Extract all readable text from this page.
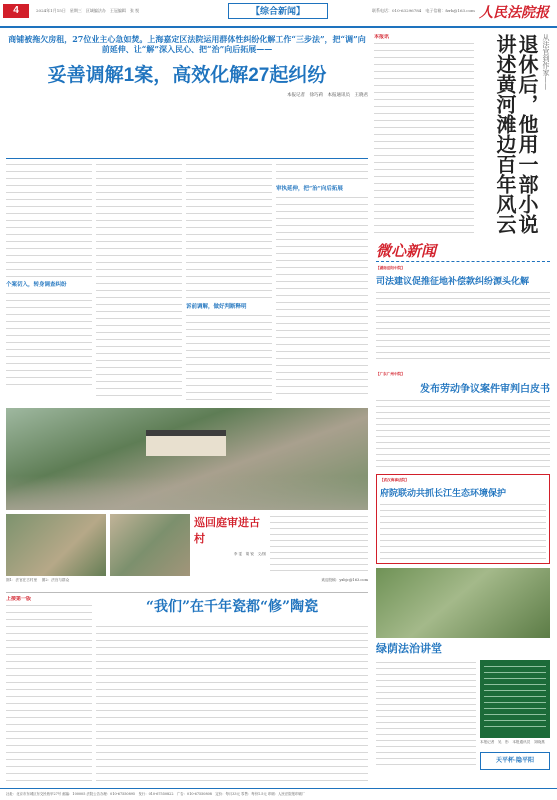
4	2024年1月15日　星期三　区域编法办　王冠编辑　张 悦	【综合新闻】	联系电话：010-63296784　电子信箱：fzrb@163.com 人民法院报
商铺被拖欠房租，27位业主心急如焚。上海嘉定区法院运用群体性纠纷化解工作“三步法”，把“调”向前延伸、让“解”深入民心、把“治”向后拓展——
妥善调解1案，高效化解27起纠纷
本报记者　徐巧莉　本报通讯员　王晓君
个案切入，转身调查纠纷
诉前调解，做好判断释明
审执延伸，把“治”向后拓展
本报讯	从法官到作家——
退休后，他用一部小说讲述黄河滩边百年风云
微心新闻
【湖南岳阳中院】
司法建议促推征地补偿款纠纷源头化解
【广东广州中院】
发布劳动争议案件审判白皮书
【武汉海事法院】
府院联动共抓长江生态环境保护
巡回庭审进古村
李 雯　胡 锐　文/图
图1：法官在古村里　 图2：法官与群众	欢迎投稿：yxbjc@163.com
上接第一版	“我们”在千年瓷都“修”陶瓷
绿荫法治讲堂
本报记者　吴　彤　本报通讯员　刘晓燕
天平杯·隐平阳
社址：北京市东城区东交民巷甲27号 邮编：100005 法院公告办理：010-67550895　发行：010-67550822　广告：010-67550808　定价：每月33元 零售：每份1.5元 印刷：人民法院报印刷厂
